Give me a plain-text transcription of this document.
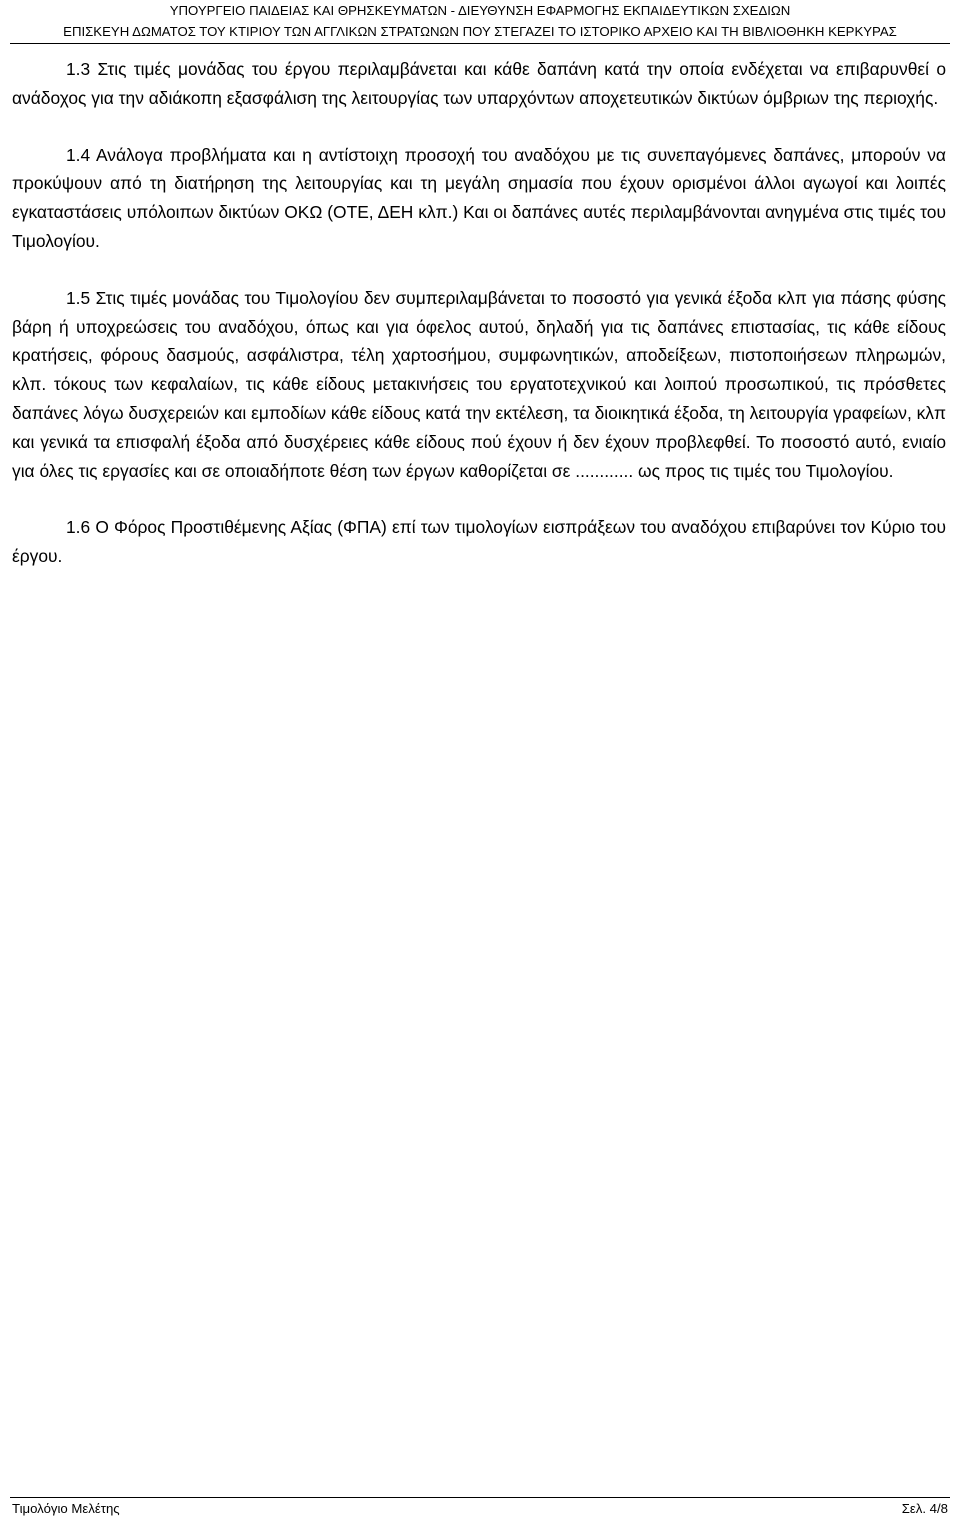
ΥΠΟΥΡΓΕΙΟ ΠΑΙΔΕΙΑΣ ΚΑΙ ΘΡΗΣΚΕΥΜΑΤΩΝ - ΔΙΕΥΘΥΝΣΗ ΕΦΑΡΜΟΓΗΣ ΕΚΠΑΙΔΕΥΤΙΚΩΝ ΣΧΕΔΙΩΝ
ΕΠΙΣΚΕΥΗ ΔΩΜΑΤΟΣ ΤΟΥ ΚΤΙΡΙΟΥ ΤΩΝ ΑΓΓΛΙΚΩΝ ΣΤΡΑΤΩΝΩΝ ΠΟΥ ΣΤΕΓΑΖΕΙ ΤΟ ΙΣΤΟΡΙΚΟ ΑΡΧΕΙΟ ΚΑΙ ΤΗ ΒΙΒΛΙΟΘΗΚΗ ΚΕΡΚΥΡΑΣ

1.3 Στις τιμές μονάδας του έργου περιλαμβάνεται και κάθε δαπάνη κατά την οποία ενδέχεται να επιβαρυνθεί ο ανάδοχος για την αδιάκοπη εξασφάλιση της λειτουργίας των υπαρχόντων αποχετευτικών δικτύων όμβριων της περιοχής.

1.4 Ανάλογα προβλήματα και η αντίστοιχη προσοχή του αναδόχου με τις συνεπαγόμενες δαπάνες, μπορούν να προκύψουν από τη διατήρηση της λειτουργίας και τη μεγάλη σημασία που έχουν ορισμένοι άλλοι αγωγοί και λοιπές εγκαταστάσεις υπόλοιπων δικτύων ΟΚΩ (ΟΤΕ, ΔΕΗ κλπ.) Και οι δαπάνες αυτές περιλαμβάνονται ανηγμένα στις τιμές του Τιμολογίου.

1.5 Στις τιμές μονάδας του Τιμολογίου δεν συμπεριλαμβάνεται το ποσοστό για γενικά έξοδα κλπ για πάσης φύσης βάρη ή υποχρεώσεις του αναδόχου, όπως και για όφελος αυτού, δηλαδή για τις δαπάνες επιστασίας, τις κάθε είδους κρατήσεις, φόρους δασμούς, ασφάλιστρα, τέλη χαρτοσήμου, συμφωνητικών, αποδείξεων, πιστοποιήσεων πληρωμών, κλπ. τόκους των κεφαλαίων, τις κάθε είδους μετακινήσεις του εργατοτεχνικού και λοιπού προσωπικού, τις πρόσθετες δαπάνες λόγω δυσχερειών και εμποδίων κάθε είδους κατά την εκτέλεση, τα διοικητικά έξοδα, τη λειτουργία γραφείων, κλπ και γενικά τα επισφαλή έξοδα από δυσχέρειες κάθε είδους πού έχουν ή δεν έχουν προβλεφθεί. Το ποσοστό αυτό, ενιαίο για όλες τις εργασίες και σε οποιαδήποτε θέση των έργων καθορίζεται σε ............ ως προς τις τιμές του Τιμολογίου.

1.6 Ο Φόρος Προστιθέμενης Αξίας (ΦΠΑ) επί των τιμολογίων εισπράξεων του αναδόχου επιβαρύνει τον Κύριο του έργου.

Τιμολόγιο Μελέτης	Σελ. 4/8
